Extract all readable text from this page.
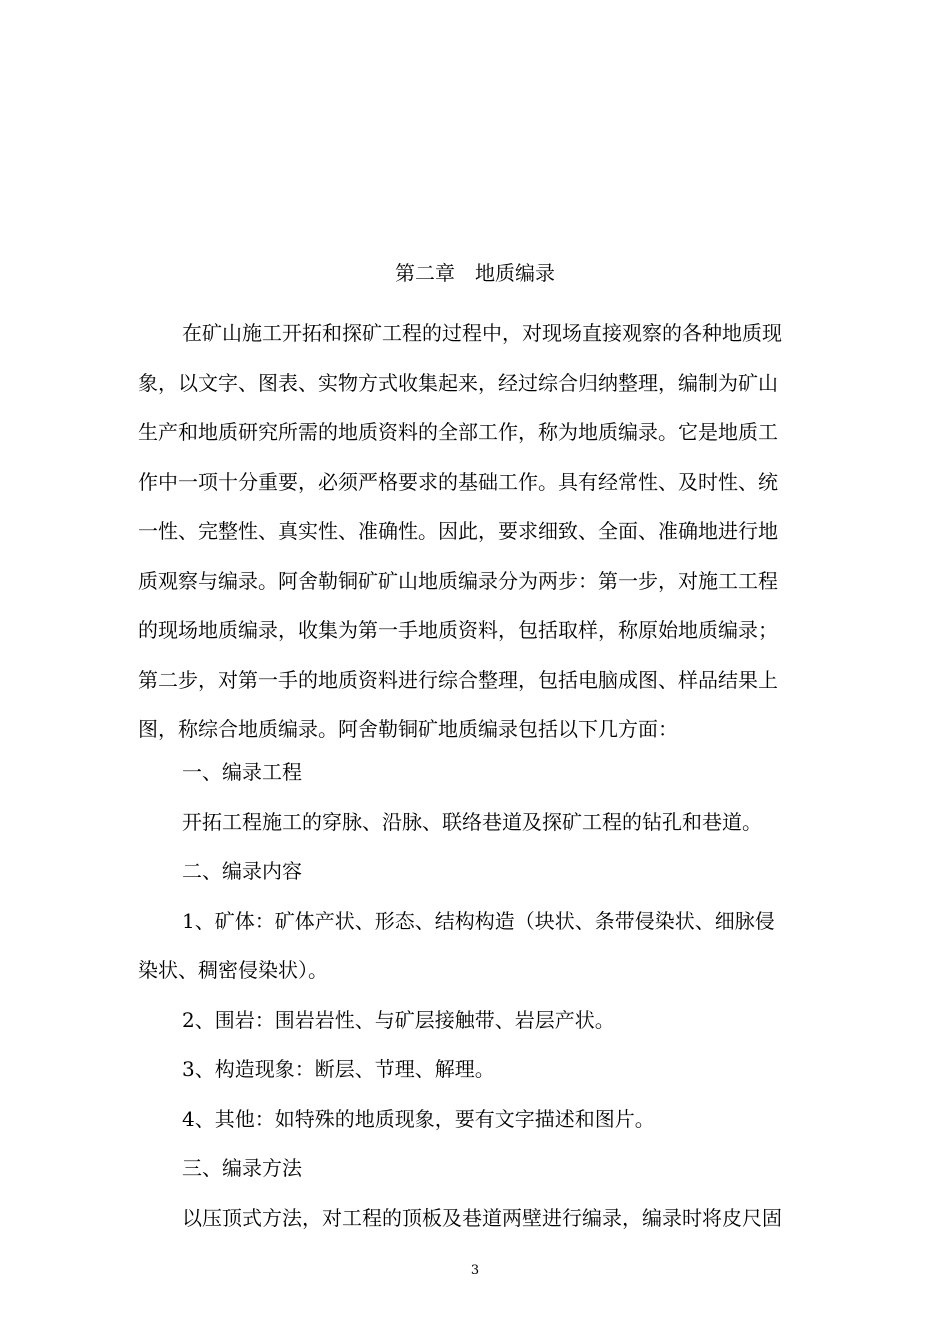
第二章　地质编录
在矿山施工开拓和探矿工程的过程中，对现场直接观察的各种地质现
象，以文字、图表、实物方式收集起来，经过综合归纳整理，编制为矿山
生产和地质研究所需的地质资料的全部工作，称为地质编录。它是地质工
作中一项十分重要，必须严格要求的基础工作。具有经常性、及时性、统
一性、完整性、真实性、准确性。因此，要求细致、全面、准确地进行地
质观察与编录。阿舍勒铜矿矿山地质编录分为两步：第一步，对施工工程
的现场地质编录，收集为第一手地质资料，包括取样，称原始地质编录；
第二步，对第一手的地质资料进行综合整理，包括电脑成图、样品结果上
图，称综合地质编录。阿舍勒铜矿地质编录包括以下几方面：
一、编录工程
开拓工程施工的穿脉、沿脉、联络巷道及探矿工程的钻孔和巷道。
二、编录内容
1、矿体：矿体产状、形态、结构构造（块状、条带侵染状、细脉侵
染状、稠密侵染状）。
2、围岩：围岩岩性、与矿层接触带、岩层产状。
3、构造现象：断层、节理、解理。
4、其他：如特殊的地质现象，要有文字描述和图片。
三、编录方法
以压顶式方法，对工程的顶板及巷道两壁进行编录，编录时将皮尺固
3
